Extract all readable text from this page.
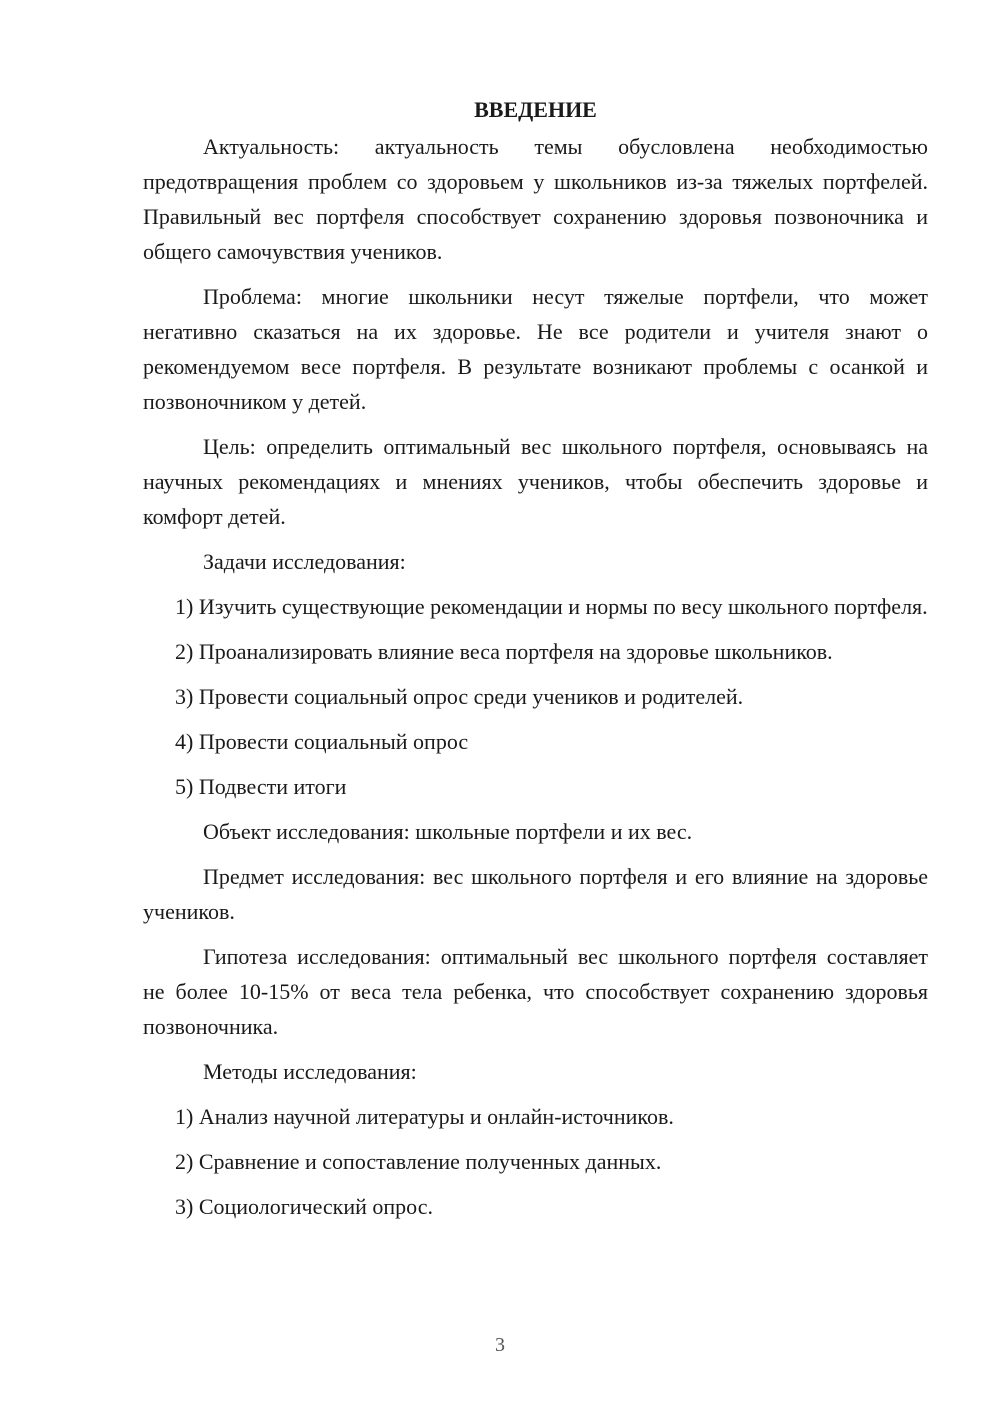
ВВЕДЕНИЕ

Актуальность: актуальность темы обусловлена необходимостью предотвращения проблем со здоровьем у школьников из-за тяжелых портфелей. Правильный вес портфеля способствует сохранению здоровья позвоночника и общего самочувствия учеников.

Проблема: многие школьники несут тяжелые портфели, что может негативно сказаться на их здоровье. Не все родители и учителя знают о рекомендуемом весе портфеля. В результате возникают проблемы с осанкой и позвоночником у детей.

Цель: определить оптимальный вес школьного портфеля, основываясь на научных рекомендациях и мнениях учеников, чтобы обеспечить здоровье и комфорт детей.

Задачи исследования:

1) Изучить существующие рекомендации и нормы по весу школьного портфеля.

2) Проанализировать влияние веса портфеля на здоровье школьников.

3) Провести социальный опрос среди учеников и родителей.

4) Провести социальный опрос

5) Подвести итоги

Объект исследования: школьные портфели и их вес.

Предмет исследования: вес школьного портфеля и его влияние на здоровье учеников.

Гипотеза исследования: оптимальный вес школьного портфеля составляет не более 10-15% от веса тела ребенка, что способствует сохранению здоровья позвоночника.

Методы исследования:

1) Анализ научной литературы и онлайн-источников.

2) Сравнение и сопоставление полученных данных.

3) Социологический опрос.

3
